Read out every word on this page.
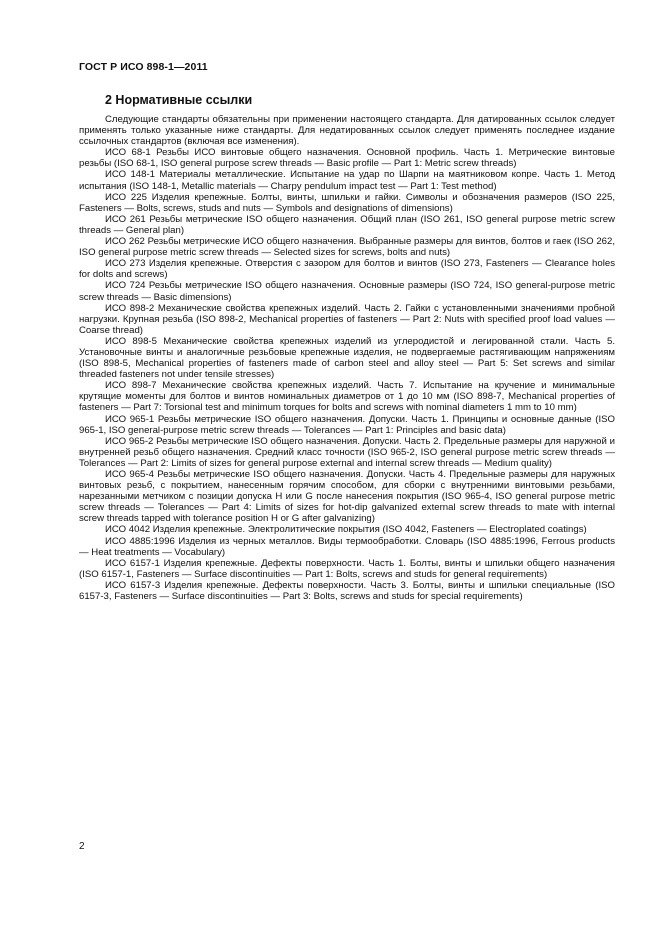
ГОСТ Р ИСО 898-1—2011
2 Нормативные ссылки

Следующие стандарты обязательны при применении настоящего стандарта. Для датированных ссылок следует применять только указанные ниже стандарты. Для недатированных ссылок следует применять последнее издание ссылочных стандартов (включая все изменения).

ИСО 68-1 Резьбы ИСО винтовые общего назначения. Основной профиль. Часть 1. Метрические винтовые резьбы (ISO 68-1, ISO general purpose screw threads — Basic profile — Part 1: Metric screw threads)

ИСО 148-1 Материалы металлические. Испытание на удар по Шарпи на маятниковом копре. Часть 1. Метод испытания (ISO 148-1, Metallic materials — Charpy pendulum impact test — Part 1: Test method)

ИСО 225 Изделия крепежные. Болты, винты, шпильки и гайки. Символы и обозначения размеров (ISO 225, Fasteners — Bolts, screws, studs and nuts — Symbols and designations of dimensions)

ИСО 261 Резьбы метрические ISO общего назначения. Общий план (ISO 261, ISO general purpose metric screw threads — General plan)

ИСО 262 Резьбы метрические ИСО общего назначения. Выбранные размеры для винтов, болтов и гаек (ISO 262, ISO general purpose metric screw threads — Selected sizes for screws, bolts and nuts)

ИСО 273 Изделия крепежные. Отверстия с зазором для болтов и винтов (ISO 273, Fasteners — Clearance holes for dolts and screws)

ИСО 724 Резьбы метрические ISO общего назначения. Основные размеры (ISO 724, ISO general-purpose metric screw threads — Basic dimensions)

ИСО 898-2 Механические свойства крепежных изделий. Часть 2. Гайки с установленными значениями пробной нагрузки. Крупная резьба (ISO 898-2, Mechanical properties of fasteners — Part 2: Nuts with specified proof load values — Coarse thread)

ИСО 898-5 Механические свойства крепежных изделий из углеродистой и легированной стали. Часть 5. Установочные винты и аналогичные резьбовые крепежные изделия, не подвергаемые растягивающим напряжениям (ISO 898-5, Mechanical properties of fasteners made of carbon steel and alloy steel — Part 5: Set screws and similar threaded fasteners not under tensile stresses)

ИСО 898-7 Механические свойства крепежных изделий. Часть 7. Испытание на кручение и минимальные крутящие моменты для болтов и винтов номинальных диаметров от 1 до 10 мм (ISO 898-7, Mechanical properties of fasteners — Part 7: Torsional test and minimum torques for bolts and screws with nominal diameters 1 mm to 10 mm)

ИСО 965-1 Резьбы метрические ISO общего назначения. Допуски. Часть 1. Принципы и основные данные (ISO 965-1, ISO general-purpose metric screw threads — Tolerances — Part 1: Principles and basic data)

ИСО 965-2 Резьбы метрические ISO общего назначения. Допуски. Часть 2. Предельные размеры для наружной и внутренней резьб общего назначения. Средний класс точности (ISO 965-2, ISO general purpose metric screw threads — Tolerances — Part 2: Limits of sizes for general purpose external and internal screw threads — Medium quality)

ИСО 965-4 Резьбы метрические ISO общего назначения. Допуски. Часть 4. Предельные размеры для наружных винтовых резьб, с покрытием, нанесенным горячим способом, для сборки с внутренними винтовыми резьбами, нарезанными метчиком с позиции допуска H или G после нанесения покрытия (ISO 965-4, ISO general purpose metric screw threads — Tolerances — Part 4: Limits of sizes for hot-dip galvanized external screw threads to mate with internal screw threads tapped with tolerance position H or G after galvanizing)

ИСО 4042 Изделия крепежные. Электролитические покрытия (ISO 4042, Fasteners — Electroplated coatings)

ИСО 4885:1996 Изделия из черных металлов. Виды термообработки. Словарь (ISO 4885:1996, Ferrous products — Heat treatments — Vocabulary)

ИСО 6157-1 Изделия крепежные. Дефекты поверхности. Часть 1. Болты, винты и шпильки общего назначения (ISO 6157-1, Fasteners — Surface discontinuities — Part 1: Bolts, screws and studs for general requirements)

ИСО 6157-3 Изделия крепежные. Дефекты поверхности. Часть 3. Болты, винты и шпильки специальные (ISO 6157-3, Fasteners — Surface discontinuities — Part 3: Bolts, screws and studs for special requirements)

2
